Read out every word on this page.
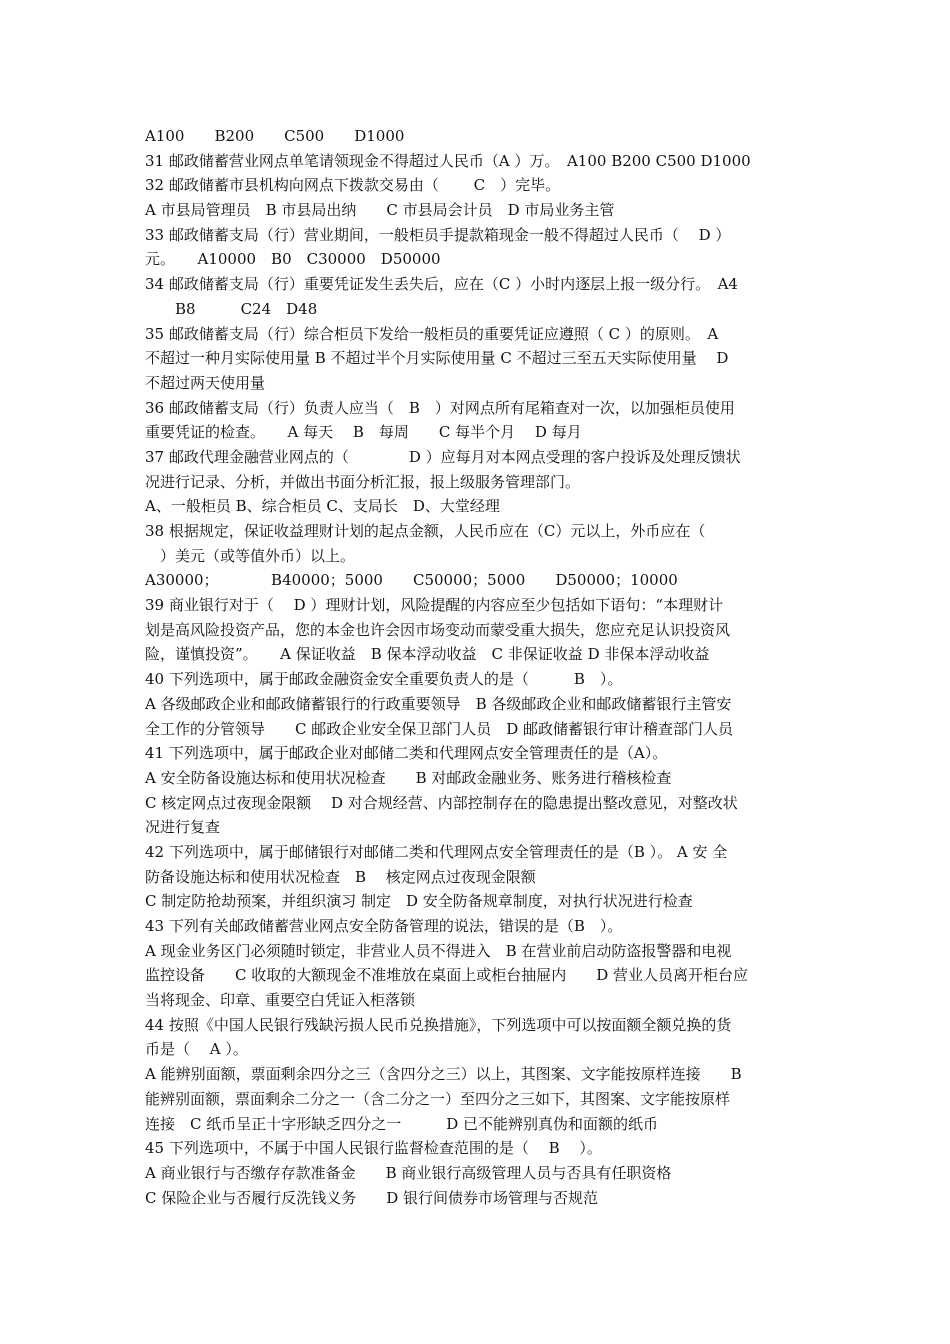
A100　　B200　　C500　　D1000
31 邮政储蓄营业网点单笔请领现金不得超过人民币（A ）万。　A100 B200 C500 D1000
32 邮政储蓄市县机构向网点下拨款交易由（　　 C　）完毕。
A 市县局管理员　B 市县局出纳　　C 市县局会计员　D 市局业务主管
33 邮政储蓄支局（行）营业期间，一般柜员手提款箱现金一般不得超过人民币（　 D ）
元。　　A10000　B0　C30000　D50000
34 邮政储蓄支局（行）重要凭证发生丢失后，应在（C ）小时内逐层上报一级分行。　A4
　　B8　　　C24　D48
35 邮政储蓄支局（行）综合柜员下发给一般柜员的重要凭证应遵照（ C ）的原则。　A
不超过一种月实际使用量 B 不超过半个月实际使用量 C 不超过三至五天实际使用量　 D
不超过两天使用量
36 邮政储蓄支局（行）负责人应当（　B　）对网点所有尾箱查对一次，以加强柜员使用
重要凭证的检查。　　A 每天　 B　每周　　C 每半个月　 D 每月
37 邮政代理金融营业网点的（　　　　D ）应每月对本网点受理的客户投诉及处理反馈状
况进行记录、分析，并做出书面分析汇报，报上级服务管理部门。
A、一般柜员 B、综合柜员 C、支局长　D、大堂经理
38 根据规定，保证收益理财计划的起点金额，人民币应在（C）元以上，外币应在（
　）美元（或等值外币）以上。
A30000；　　　　B40000；5000　　C50000；5000　　D50000；10000
39 商业银行对于（　 D ）理财计划，风险提醒的内容应至少包括如下语句：“本理财计
划是高风险投资产品，您的本金也许会因市场变动而蒙受重大损失，您应充足认识投资风
险，谨慎投资”。　　A 保证收益　B 保本浮动收益　C 非保证收益 D 非保本浮动收益
40 下列选项中，属于邮政金融资金安全重要负责人的是（　　　B　）。
A 各级邮政企业和邮政储蓄银行的行政重要领导　B 各级邮政企业和邮政储蓄银行主管安
全工作的分管领导　　C 邮政企业安全保卫部门人员　D 邮政储蓄银行审计稽查部门人员
41 下列选项中，属于邮政企业对邮储二类和代理网点安全管理责任的是（A）。
A 安全防备设施达标和使用状况检查　　B 对邮政金融业务、账务进行稽核检查
C 核定网点过夜现金限额　 D 对合规经营、内部控制存在的隐患提出整改意见，对整改状
况进行复查
42 下列选项中，属于邮储银行对邮储二类和代理网点安全管理责任的是（B ）。 A 安 全
防备设施达标和使用状况检查　B　 核定网点过夜现金限额
C 制定防抢劫预案，并组织演习 制定　D 安全防备规章制度，对执行状况进行检查
43 下列有关邮政储蓄营业网点安全防备管理的说法，错误的是（B　）。
A 现金业务区门必须随时锁定，非营业人员不得进入　B 在营业前启动防盗报警器和电视
监控设备　　C 收取的大额现金不准堆放在桌面上或柜台抽屉内　　D 营业人员离开柜台应
当将现金、印章、重要空白凭证入柜落锁
44 按照《中国人民银行残缺污损人民币兑换措施》，下列选项中可以按面额全额兑换的货
币是（　 A ）。
A 能辨别面额，票面剩余四分之三（含四分之三）以上，其图案、文字能按原样连接　　B
能辨别面额，票面剩余二分之一（含二分之一）至四分之三如下，其图案、文字能按原样
连接　C 纸币呈正十字形缺乏四分之一　　　D 已不能辨别真伪和面额的纸币
45 下列选项中，不属于中国人民银行监督检查范围的是（　 B　 ）。
A 商业银行与否缴存存款准备金　　B 商业银行高级管理人员与否具有任职资格
C 保险企业与否履行反洗钱义务　　D 银行间债券市场管理与否规范
